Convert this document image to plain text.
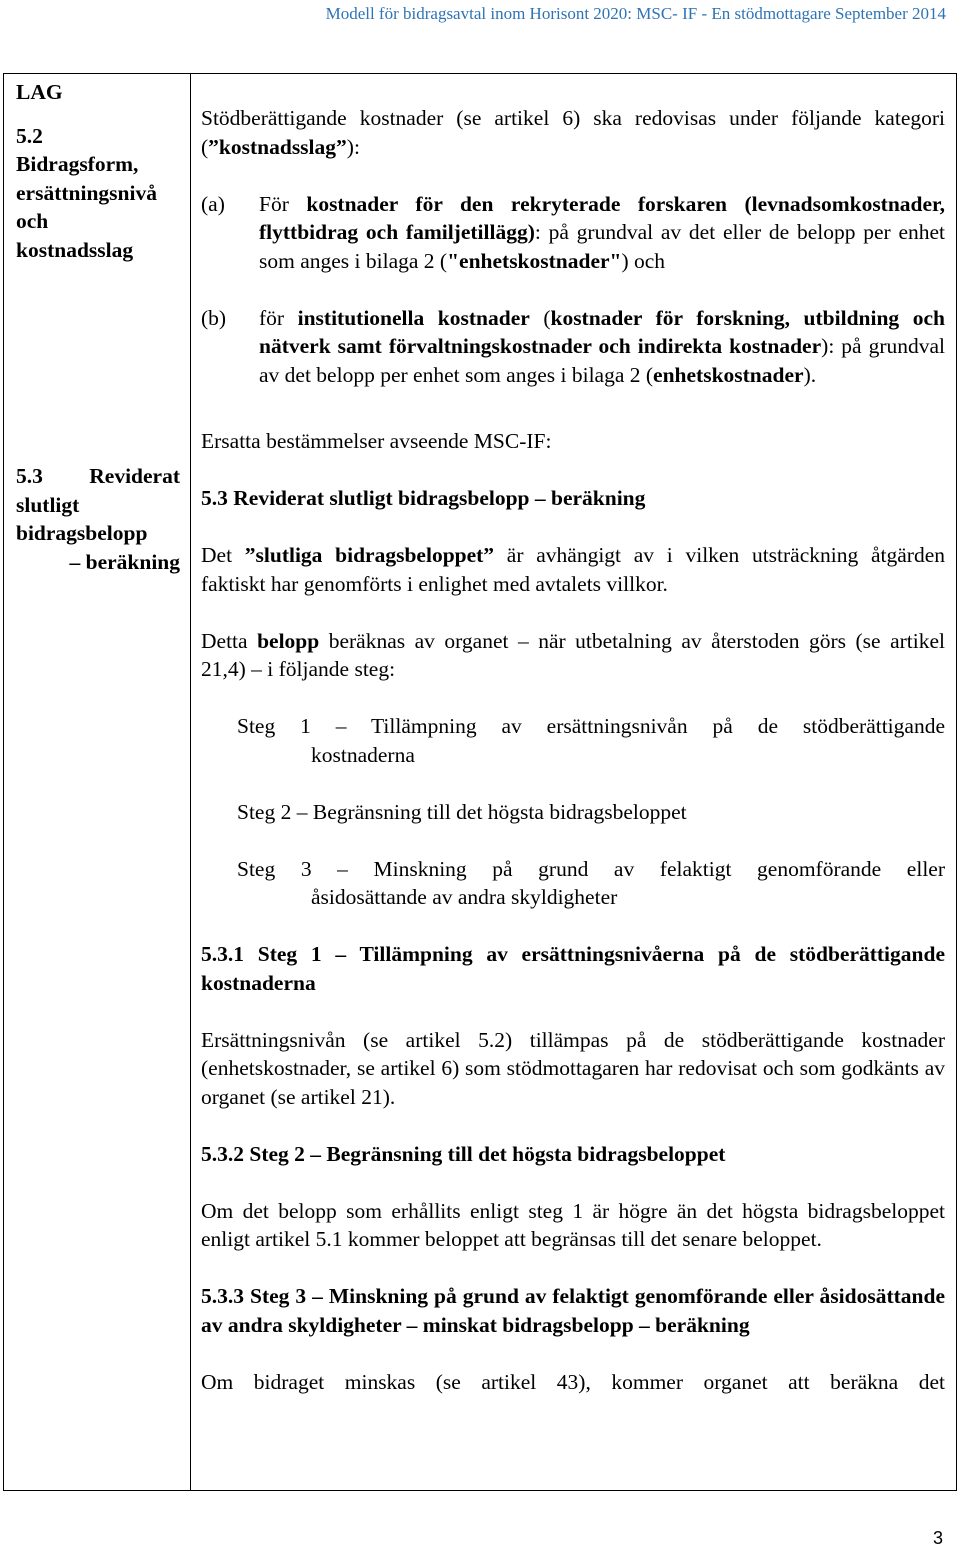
Modell för bidragsavtal inom Horisont 2020: MSC- IF - En stödmottagare September 2014
LAG
5.2
Bidragsform,
ersättningsnivå
och
kostnadsslag
5.3 Reviderat
slutligt
bidragsbelopp
– beräkning

Stödberättigande kostnader (se artikel 6) ska redovisas under följande kategori (”kostnadsslag”):

(a)	För kostnader för den rekryterade forskaren (levnadsomkostnader, flyttbidrag och familjetillägg): på grundval av det eller de belopp per enhet som anges i bilaga 2 ("enhetskostnader") och
(b)	för institutionella kostnader (kostnader för forskning, utbildning och nätverk samt förvaltningskostnader och indirekta kostnader): på grundval av det belopp per enhet som anges i bilaga 2 (enhetskostnader).

Ersatta bestämmelser avseende MSC-IF:

5.3 Reviderat slutligt bidragsbelopp – beräkning

Det ”slutliga bidragsbeloppet” är avhängigt av i vilken utsträckning åtgärden faktiskt har genomförts i enlighet med avtalets villkor.

Detta belopp beräknas av organet – när utbetalning av återstoden görs (se artikel 21,4) – i följande steg:

Steg 1 – Tillämpning av ersättningsnivån på de stödberättigande

kostnaderna

Steg 2 – Begränsning till det högsta bidragsbeloppet

Steg 3 – Minskning på grund av felaktigt genomförande eller

åsidosättande av andra skyldigheter

5.3.1 Steg 1 – Tillämpning av ersättningsnivåerna på de stödberättigande kostnaderna

Ersättningsnivån (se artikel 5.2) tillämpas på de stödberättigande kostnader (enhetskostnader, se artikel 6) som stödmottagaren har redovisat och som godkänts av organet (se artikel 21).

5.3.2 Steg 2 – Begränsning till det högsta bidragsbeloppet

Om det belopp som erhållits enligt steg 1 är högre än det högsta bidragsbeloppet enligt artikel 5.1 kommer beloppet att begränsas till det senare beloppet.

5.3.3 Steg 3 – Minskning på grund av felaktigt genomförande eller åsidosättande av andra skyldigheter – minskat bidragsbelopp – beräkning

Om bidraget minskas (se artikel 43), kommer organet att beräkna det

3
